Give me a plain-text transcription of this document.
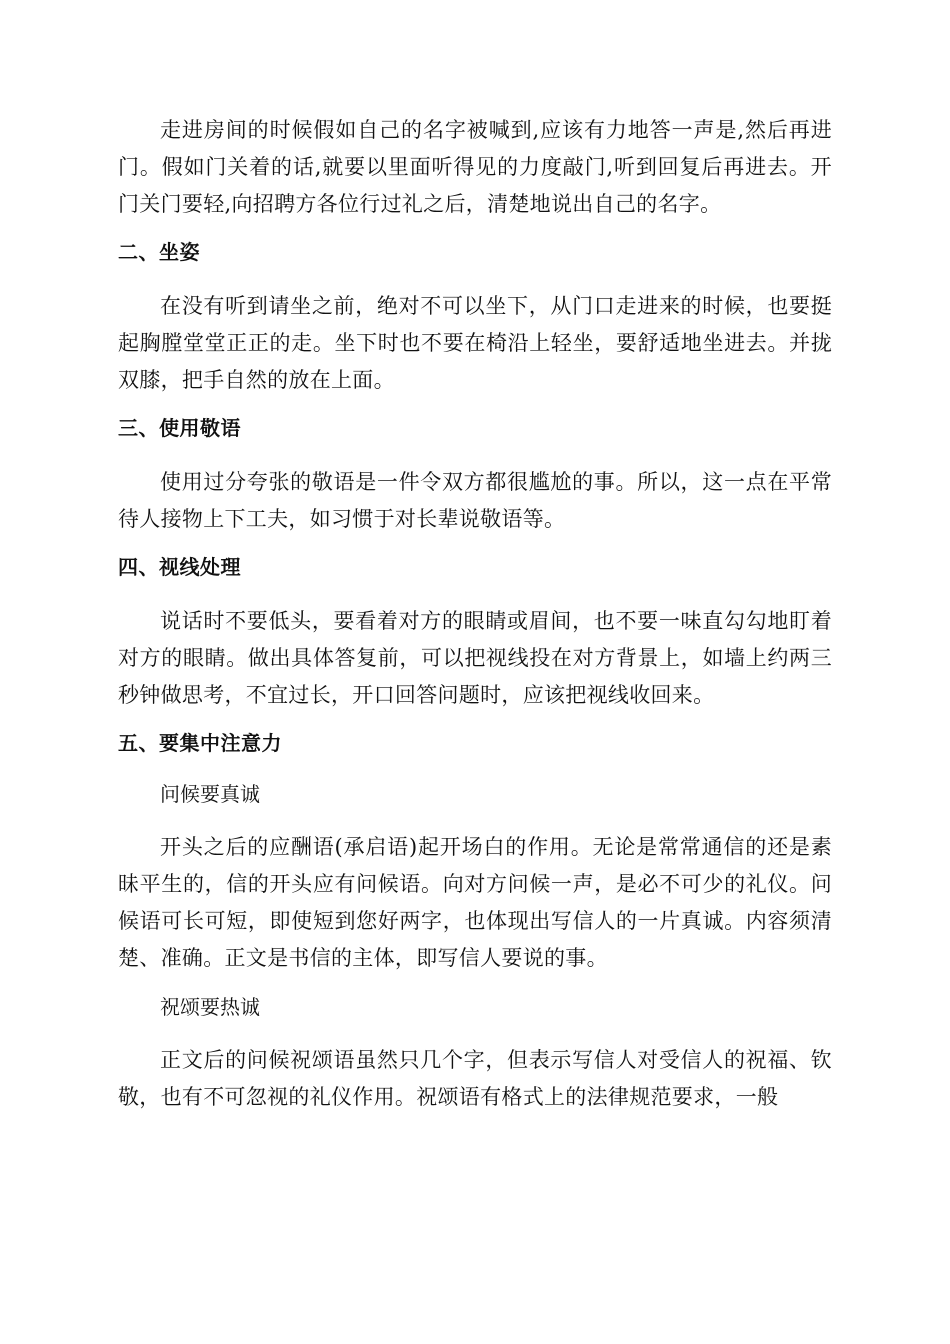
走进房间的时候假如自己的名字被喊到,应该有力地答一声是,然后再进门。假如门关着的话,就要以里面听得见的力度敲门,听到回复后再进去。开门关门要轻,向招聘方各位行过礼之后，清楚地说出自己的名字。

二、坐姿

在没有听到请坐之前，绝对不可以坐下，从门口走进来的时候，也要挺起胸膛堂堂正正的走。坐下时也不要在椅沿上轻坐，要舒适地坐进去。并拢双膝，把手自然的放在上面。

三、使用敬语

使用过分夸张的敬语是一件令双方都很尴尬的事。所以，这一点在平常待人接物上下工夫，如习惯于对长辈说敬语等。

四、视线处理

说话时不要低头，要看着对方的眼睛或眉间，也不要一味直勾勾地盯着对方的眼睛。做出具体答复前，可以把视线投在对方背景上，如墙上约两三秒钟做思考，不宜过长，开口回答问题时，应该把视线收回来。

五、要集中注意力
问候要真诚

开头之后的应酬语(承启语)起开场白的作用。无论是常常通信的还是素昧平生的，信的开头应有问候语。向对方问候一声，是必不可少的礼仪。问候语可长可短，即使短到您好两字，也体现出写信人的一片真诚。内容须清楚、准确。正文是书信的主体，即写信人要说的事。

祝颂要热诚

正文后的问候祝颂语虽然只几个字，但表示写信人对受信人的祝福、钦敬，也有不可忽视的礼仪作用。祝颂语有格式上的法律规范要求，一般
